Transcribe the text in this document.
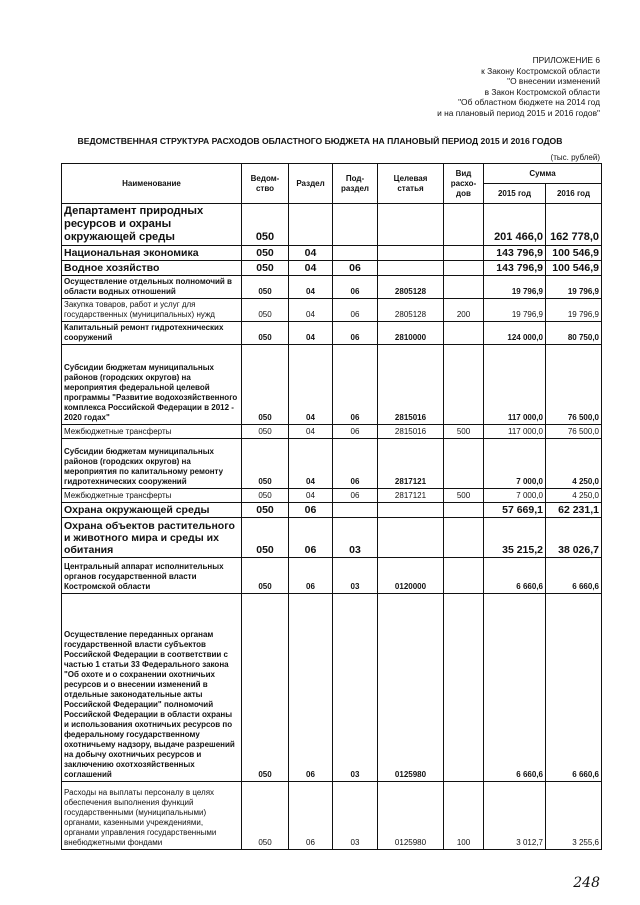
ПРИЛОЖЕНИЕ 6
к Закону Костромской области
"О внесении изменений
в Закон Костромской области
"Об областном бюджете на 2014 год
и на плановый период 2015 и 2016 годов"
ВЕДОМСТВЕННАЯ СТРУКТУРА РАСХОДОВ ОБЛАСТНОГО БЮДЖЕТА НА ПЛАНОВЫЙ ПЕРИОД 2015 И 2016 ГОДОВ
(тыс. рублей)
Наименование	Ведом-ство	Раздел	Под-раздел	Целевая статья	Вид расхо-дов	Сумма	
						2015 год	2016 год
Департамент природных ресурсов и охраны окружающей среды	050					201 466,0	162 778,0
Национальная экономика	050	04				143 796,9	100 546,9
Водное хозяйство	050	04	06			143 796,9	100 546,9
Осуществление отдельных полномочий в области водных отношений	050	04	06	2805128		19 796,9	19 796,9
Закупка товаров, работ и услуг для государственных (муниципальных) нужд	050	04	06	2805128	200	19 796,9	19 796,9
Капитальный ремонт гидротехнических сооружений	050	04	06	2810000		124 000,0	80 750,0
Субсидии бюджетам муниципальных районов (городских округов) на мероприятия федеральной целевой программы "Развитие водохозяйственного комплекса Российской Федерации в 2012 - 2020 годах"	050	04	06	2815016		117 000,0	76 500,0
Межбюджетные трансферты	050	04	06	2815016	500	117 000,0	76 500,0
Субсидии бюджетам муниципальных районов (городских округов) на мероприятия по капитальному ремонту гидротехнических сооружений	050	04	06	2817121		7 000,0	4 250,0
Межбюджетные трансферты	050	04	06	2817121	500	7 000,0	4 250,0
Охрана окружающей среды	050	06				57 669,1	62 231,1
Охрана объектов растительного и животного мира и среды их обитания	050	06	03			35 215,2	38 026,7
Центральный аппарат исполнительных органов государственной власти Костромской области	050	06	03	0120000		6 660,6	6 660,6
Осуществление переданных органам государственной власти субъектов Российской Федерации в соответствии с частью 1 статьи 33 Федерального закона "Об охоте и о сохранении охотничьих ресурсов и о внесении изменений в отдельные законодательные акты Российской Федерации" полномочий Российской Федерации в области охраны и использования охотничьих ресурсов по федеральному государственному охотничьему надзору, выдаче разрешений на добычу охотничьих ресурсов и заключению охотхозяйственных соглашений	050	06	03	0125980		6 660,6	6 660,6
Расходы на выплаты персоналу в целях обеспечения выполнения функций государственными (муниципальными) органами, казенными учреждениями, органами управления государственными внебюджетными фондами	050	06	03	0125980	100	3 012,7	3 255,6
248
